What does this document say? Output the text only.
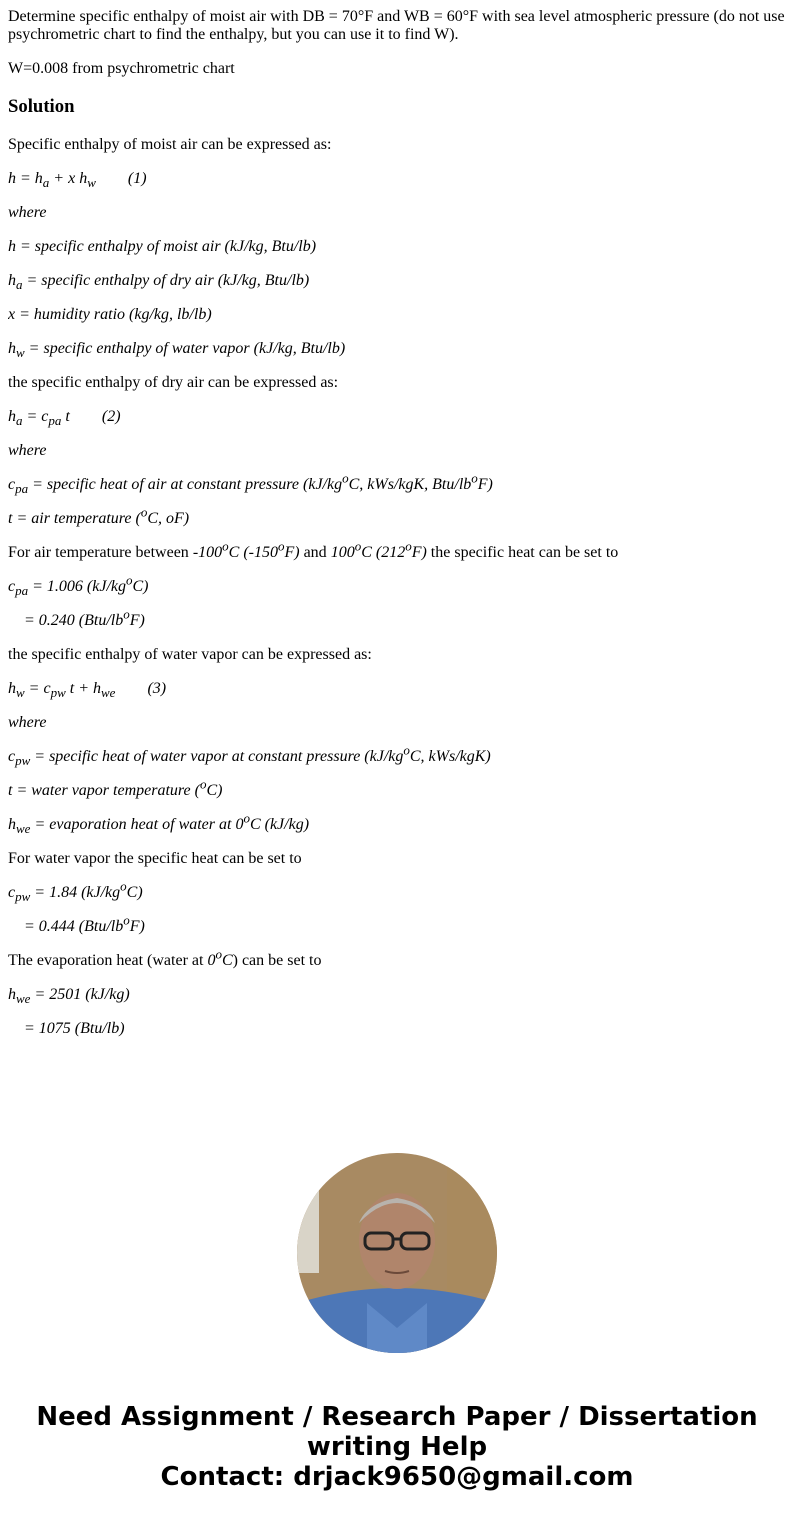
Determine specific enthalpy of moist air with DB = 70°F and WB = 60°F with sea level atmospheric pressure (do not use psychrometric chart to find the enthalpy, but you can use it to find W).

W=0.008 from psychrometric chart

Solution

Specific enthalpy of moist air can be expressed as:

$h = h_a + x$ $h_w$ (1)

where

h = specific enthalpy of moist air (kJ/kg, Btu/lb)

$h_a$ = specific enthalpy of dry air (kJ/kg, Btu/lb)

x = humidity ratio (kg/kg, lb/lb)

$h_w$ = specific enthalpy of water vapor (kJ/kg, Btu/lb)

the specific enthalpy of dry air can be expressed as:

$h_a = c_{pa}$ t (2)

where

$c_{pa}$ = specific heat of air at constant pressure ($kJ/kg^oC$, kWs/kgK, Btu/$lb^oF$)

t = air temperature ($^o$C, oF)

For air temperature between -100$^o$C (-150$^o$F) and 100$^o$C (212$^o$F) the specific heat can be set to

$c_{pa} = 1.006$ $(kJ/kg^oC)$

= 0.240 $(Btu/lb^oF)$

the specific enthalpy of water vapor can be expressed as:

$h_w = c_{pw}$ $t + h_{we}$ (3)

where

$c_{pw}$ = specific heat of water vapor at constant pressure ($kJ/kg^oC$, kWs/kgK)

t = water vapor temperature ($^o$C)

$h_{we}$ = evaporation heat of water at 0$^o$C (kJ/kg)

For water vapor the specific heat can be set to

$c_{pw} = 1.84$ $(kJ/kg^oC)$

= 0.444 $(Btu/lb^oF)$

The evaporation heat (water at 0$^o$C) can be set to

$h_{we} = 2501$ (kJ/kg)

= 1075 (Btu/lb)

Need Assignment / Research Paper / Dissertation
writing Help
Contact: drjack9650@gmail.com
